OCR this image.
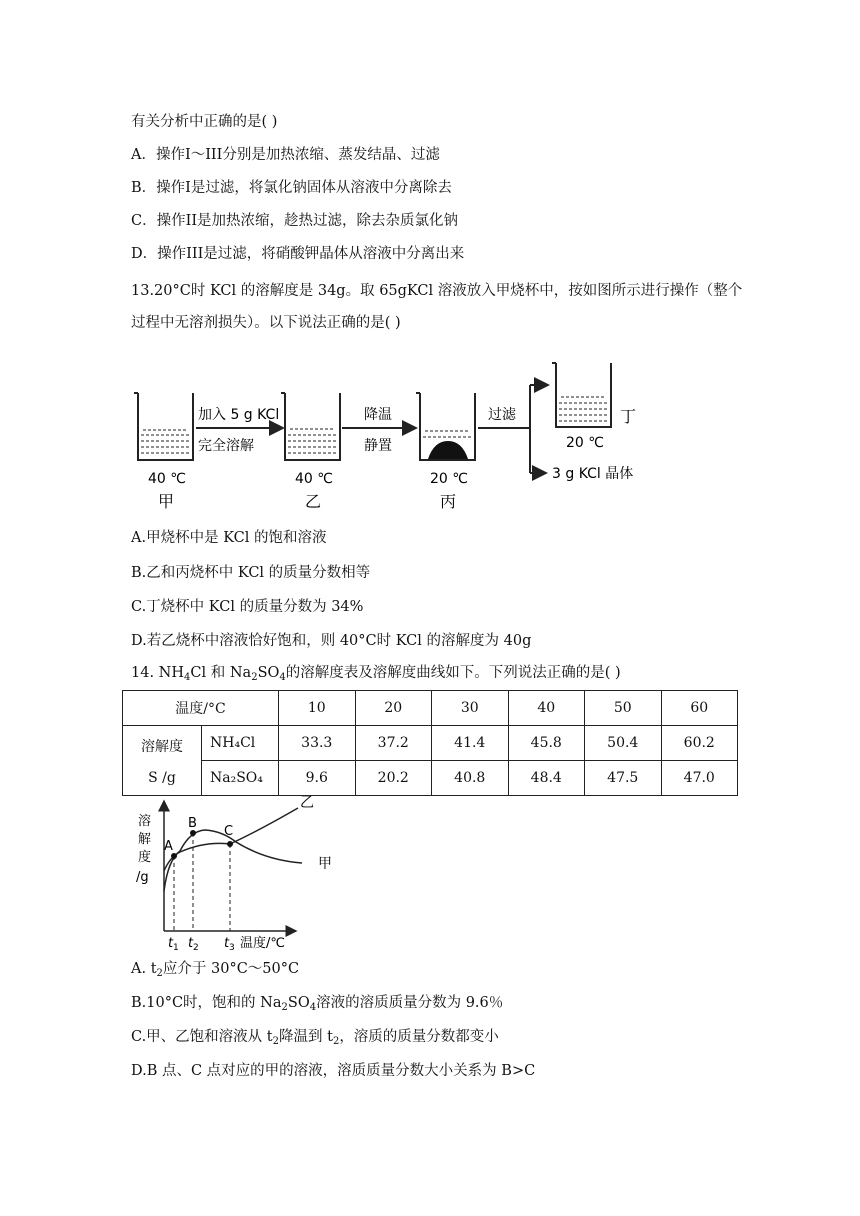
有关分析中正确的是( )
A．操作I～III分别是加热浓缩、蒸发结晶、过滤
B．操作I是过滤，将氯化钠固体从溶液中分离除去
C．操作II是加热浓缩，趁热过滤，除去杂质氯化钠
D．操作III是过滤，将硝酸钾晶体从溶液中分离出来
13.20°C时 KCl 的溶解度是 34g。取 65gKCl 溶液放入甲烧杯中，按如图所示进行操作（整个
过程中无溶剂损失）。以下说法正确的是( )
40 ℃
加入 5 g KCl
完全溶解
40 ℃
降温
静置
20 ℃
过滤
20 ℃
3 g KCl 晶体
甲	乙	丙
丁
A.甲烧杯中是 KCl 的饱和溶液
B.乙和丙烧杯中 KCl 的质量分数相等
C.丁烧杯中 KCl 的质量分数为 34%
D.若乙烧杯中溶液恰好饱和，则 40°C时 KCl 的溶解度为 40g
14. $NH_4Cl$ 和 $Na_2SO_4$的溶解度表及溶解度曲线如下。下列说法正确的是( )
温度/°C		10	20	30	40	50	60

溶解度
S /g	NH₄Cl	33.3	37.2	41.4	45.8	50.4	60.2
	Na₂SO₄	9.6	20.2	40.8	48.4	47.5	47.0
溶
解
度
/g
A
B
C
乙
甲
t 1 t 2 t 3 温度/℃
A. $t_2$应介于 30°C～50°C
B.10°C时，饱和的 $Na_2SO_4$溶液的溶质质量分数为 9.6％
C.甲、乙饱和溶液从 $t_2$降温到 $t_2$，溶质的质量分数都变小
D.B 点、C 点对应的甲的溶液，溶质质量分数大小关系为 B>C
